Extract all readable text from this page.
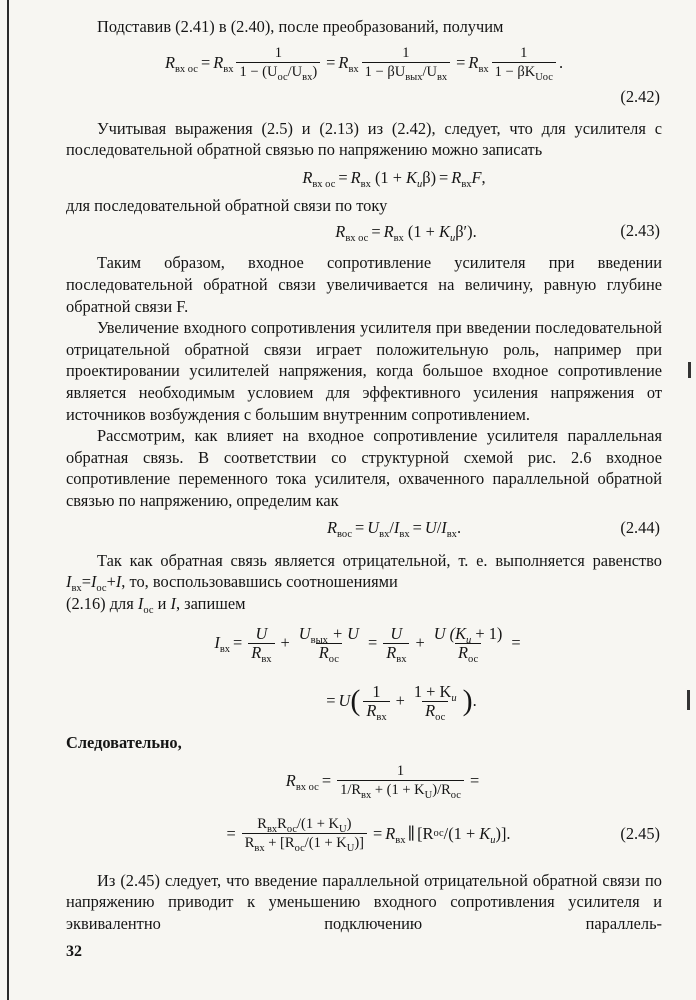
Подставив (2.41) в (2.40), после преобразований, получим

$R_{вх ос} = R_{вх} \frac{1}{1 - (U_{ос}/U_{вх})} = R_{вх} \frac{1}{1 - \beta U_{вых}/U_{вх}} = R_{вх} \frac{1}{1 - \beta K_{Uос}}$ .
(2.42)

Учитывая выражения (2.5) и (2.13) из (2.42), следует, что для усилителя с последовательной обратной связью по напряжению можно записать

$R_{вх ос} = R_{вх}$ ($1 + K_u$ β ) = $R_{вх}$ F ,

для последовательной обратной связи по току

$R_{вх ос} = R_{вх}$ ($1 + K_u$ β′ ).	(2.43)

Таким образом, входное сопротивление усилителя при введении последовательной обратной связи увеличивается на величину, равную глубине обратной связи F.

Увеличение входного сопротивления усилителя при введении последовательной отрицательной обратной связи играет положительную роль, например при проектировании усилителей напряжения, когда большое входное сопротивление является необходимым условием для эффективного усиления напряжения от источников возбуждения с большим внутренним сопротивлением.

Рассмотрим, как влияет на входное сопротивление усилителя параллельная обратная связь. В соответствии со структурной схемой рис. 2.6 входное сопротивление переменного тока усилителя, охваченного параллельной обратной связью по напряжению, определим как

$R_{вос} = U_{вх} / I_{вх} = U / I_{вх}$ .	(2.44)

Так как обратная связь является отрицательной, т. е. выполняется равенство $I_{вх}=I_{ос}+I$, то, воспользовавшись соотношениями
(2.16) для $I_{ос}$ и I, запишем

$I_{вх} = \frac{U}{R_{вх}} + \frac{U_{вых} + U}{R_{ос}} = \frac{U}{R_{вх}} + \frac{U (K_u + 1)}{R_{ос}}$ =
= U ( $\frac{1}{R_{вх}} + \frac{1 + K_u}{R_{ос}}$ ) .

Следовательно,

$R_{вх ос} = \frac{1}{1/R_{вх} + (1 + K_U)/R_{ос}}$ =
= $\frac{R_{вх}R_{ос}/(1 + K_U)}{R_{вх} + [R_{ос}/(1 + K_U)]} = R_{вх}$ ∥ [R ос $/(1 + K_u$ )].	(2.45)

Из (2.45) следует, что введение параллельной отрицательной обратной связи по напряжению приводит к уменьшению входного сопротивления усилителя и эквивалентно подключению параллель-

32
